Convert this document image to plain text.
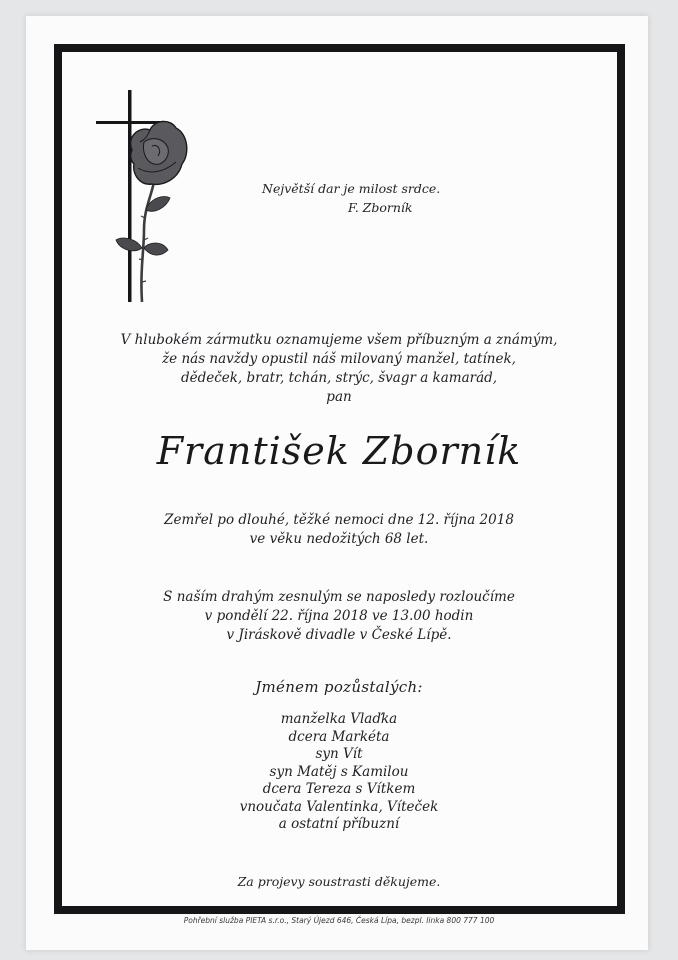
Největší dar je milost srdce.
F. Zborník
V hlubokém zármutku oznamujeme všem příbuzným a známým,
že nás navždy opustil náš milovaný manžel, tatínek,
dědeček, bratr, tchán, strýc, švagr a kamarád,
pan
František Zborník
Zemřel po dlouhé, těžké nemoci dne 12. října 2018
ve věku nedožitých 68 let.
S naším drahým zesnulým se naposledy rozloučíme
v pondělí 22. října 2018 ve 13.00 hodin
v Jiráskově divadle v České Lípě.
Jménem pozůstalých:
manželka Vlaďka
dcera Markéta
syn Vít
syn Matěj s Kamilou
dcera Tereza s Vítkem
vnoučata Valentinka, Víteček
a ostatní příbuzní
Za projevy soustrasti děkujeme.
Pohřební služba PIETA s.r.o., Starý Újezd 646, Česká Lípa, bezpl. linka 800 777 100
